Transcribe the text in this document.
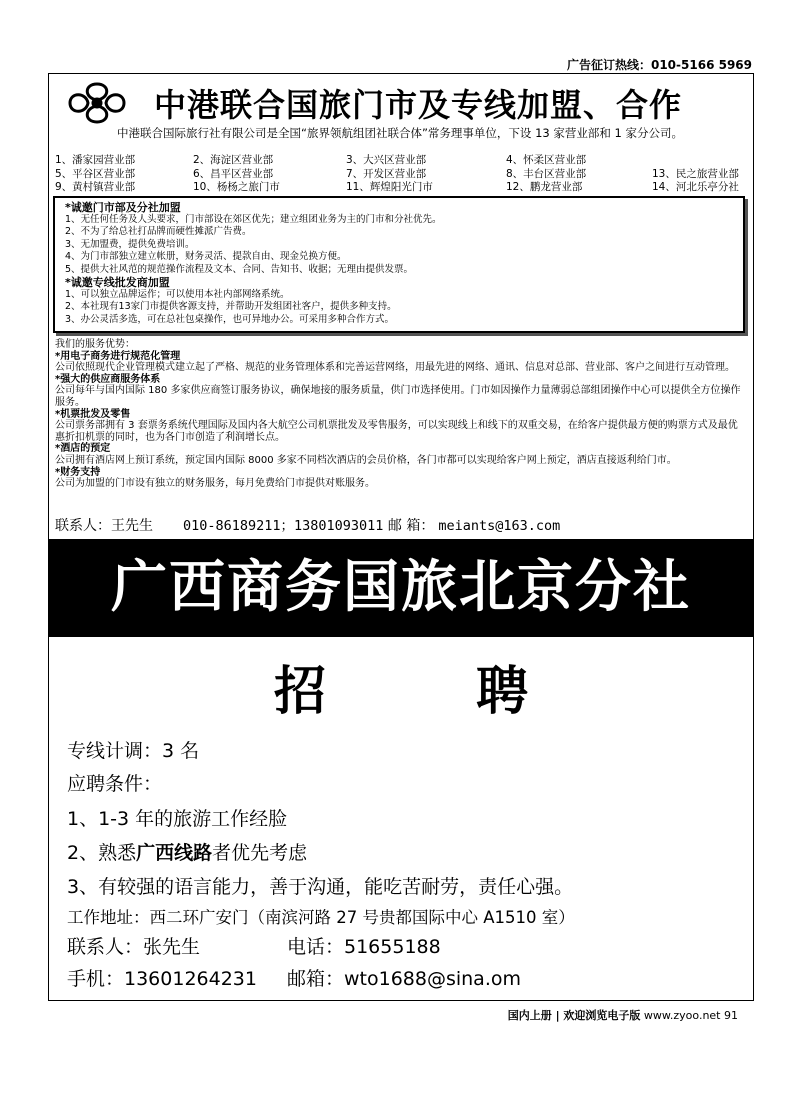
广告征订热线：010-5166 5969
中港联合国旅门市及专线加盟、合作
中港联合国际旅行社有限公司是全国“旅界领航组团社联合体”常务理事单位，下设 13 家营业部和 1 家分公司。
1、潘家园营业部	2、海淀区营业部	3、大兴区营业部	4、怀柔区营业部
5、平谷区营业部	6、昌平区营业部	7、开发区营业部	8、丰台区营业部	13、民之旅营业部
9、黄村镇营业部	10、杨杨之旅门市	11、辉煌阳光门市	12、鹏龙营业部	14、河北乐亭分社
*诚邀门市部及分社加盟
1、无任何任务及人头要求，门市部设在郊区优先；建立组团业务为主的门市和分社优先。
2、不为了给总社打品牌而硬性摊派广告费。
3、无加盟费，提供免费培训。
4、为门市部独立建立帐册，财务灵活、提款自由、现金兑换方便。
5、提供大社风范的规范操作流程及文本、合同、告知书、收据；无理由提供发票。
*诚邀专线批发商加盟
1、可以独立品牌运作；可以使用本社内部网络系统。
2、本社现有13家门市提供客源支持，并帮助开发组团社客户，提供多种支持。
3、办公灵活多选，可在总社包桌操作，也可异地办公。可采用多种合作方式。
我们的服务优势：
*用电子商务进行规范化管理
公司依照现代企业管理模式建立起了严格、规范的业务管理体系和完善运营网络，用最先进的网络、通讯、信息对总部、营业部、客户之间进行互动管理。
*强大的供应商服务体系
公司每年与国内国际 180 多家供应商签订服务协议，确保地接的服务质量，供门市选择使用。门市如因操作力量薄弱总部组团操作中心可以提供全方位操作服务。
*机票批发及零售
公司票务部拥有 3 套票务系统代理国际及国内各大航空公司机票批发及零售服务，可以实现线上和线下的双重交易，在给客户提供最方便的购票方式及最优惠折扣机票的同时，也为各门市创造了利润增长点。
*酒店的预定
公司拥有酒店网上预订系统，预定国内国际 8000 多家不同档次酒店的会员价格，各门市都可以实现给客户网上预定，酒店直接返利给门市。
*财务支持
公司为加盟的门市设有独立的财务服务，每月免费给门市提供对账服务。
联系人：王先生 010-86189211；13801093011 邮 箱： meiants@163.com
广西商务国旅北京分社
招聘
专线计调：3 名
应聘条件：
1、1-3 年的旅游工作经脸
2、熟悉广西线路者优先考虑
3、有较强的语言能力，善于沟通，能吃苦耐劳，责任心强。
工作地址：西二环广安门（南滨河路 27 号贵都国际中心 A1510 室）
联系人：张先生	电话：51655188
手机：13601264231 邮箱：wto1688@sina.om
国内上册 | 欢迎浏览电子版 www.zyoo.net 91
